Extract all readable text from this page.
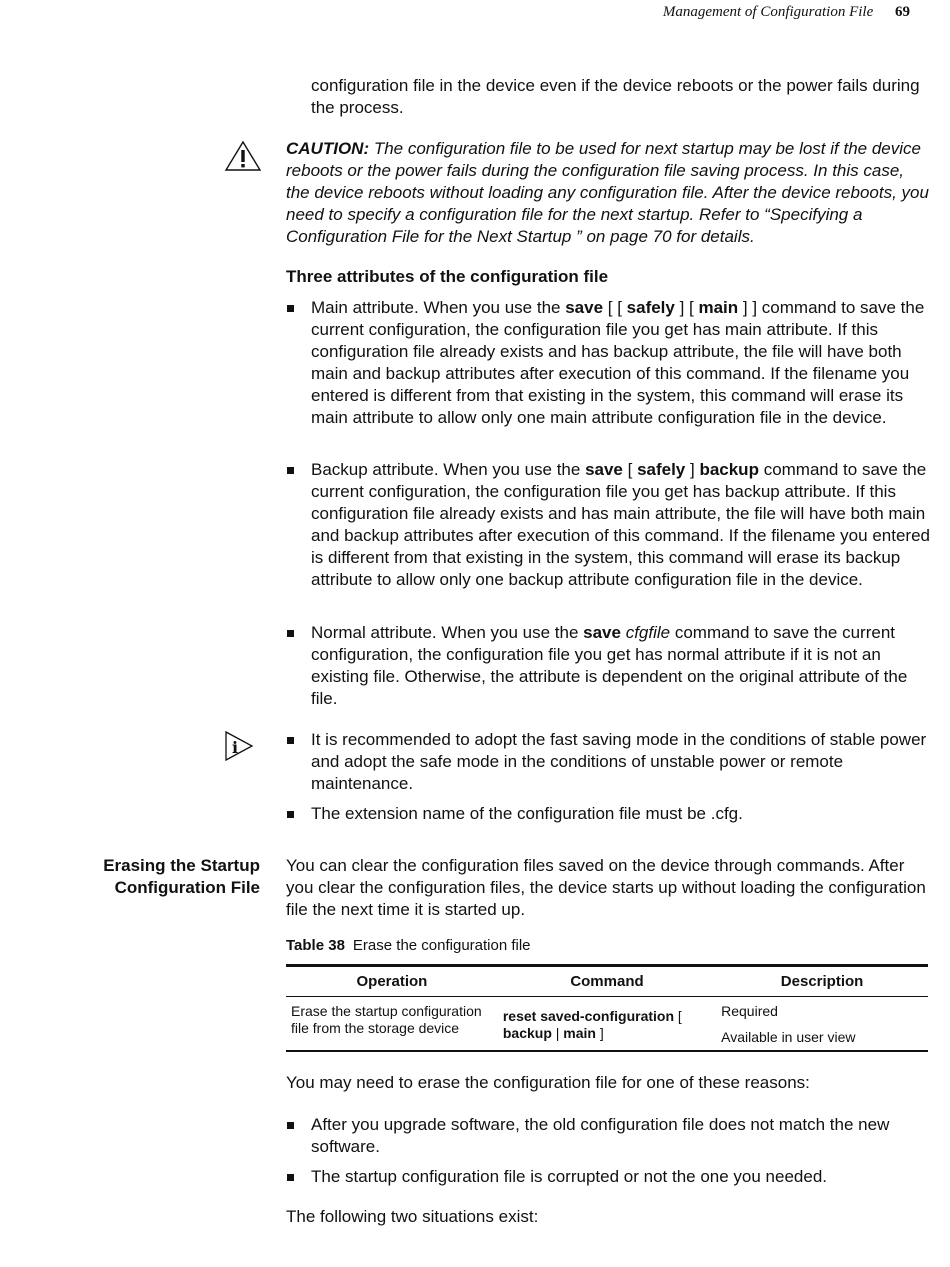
Management of Configuration File 69

configuration file in the device even if the device reboots or the power fails during the process.

CAUTION: The configuration file to be used for next startup may be lost if the device reboots or the power fails during the configuration file saving process. In this case, the device reboots without loading any configuration file. After the device reboots, you need to specify a configuration file for the next startup. Refer to “Specifying a Configuration File for the Next Startup ” on page 70 for details.

Three attributes of the configuration file
Main attribute. When you use the save [ [ safely ] [ main ] ] command to save the current configuration, the configuration file you get has main attribute. If this configuration file already exists and has backup attribute, the file will have both main and backup attributes after execution of this command. If the filename you entered is different from that existing in the system, this command will erase its main attribute to allow only one main attribute configuration file in the device.
Backup attribute. When you use the save [ safely ] backup command to save the current configuration, the configuration file you get has backup attribute. If this configuration file already exists and has main attribute, the file will have both main and backup attributes after execution of this command. If the filename you entered is different from that existing in the system, this command will erase its backup attribute to allow only one backup attribute configuration file in the device.
Normal attribute. When you use the save cfgfile command to save the current configuration, the configuration file you get has normal attribute if it is not an existing file. Otherwise, the attribute is dependent on the original attribute of the file.
i	It is recommended to adopt the fast saving mode in the conditions of stable power and adopt the safe mode in the conditions of unstable power or remote maintenance.
The extension name of the configuration file must be .cfg.
Erasing the Startup
Configuration File

You can clear the configuration files saved on the device through commands. After you clear the configuration files, the device starts up without loading the configuration file the next time it is started up.

Table 38 Erase the configuration file
Operation	Command	Description
Erase the startup configuration file from the storage device	reset saved-configuration [ backup | main ]	Required
Available in user view

You may need to erase the configuration file for one of these reasons:

After you upgrade software, the old configuration file does not match the new software.
The startup configuration file is corrupted or not the one you needed.

The following two situations exist:
